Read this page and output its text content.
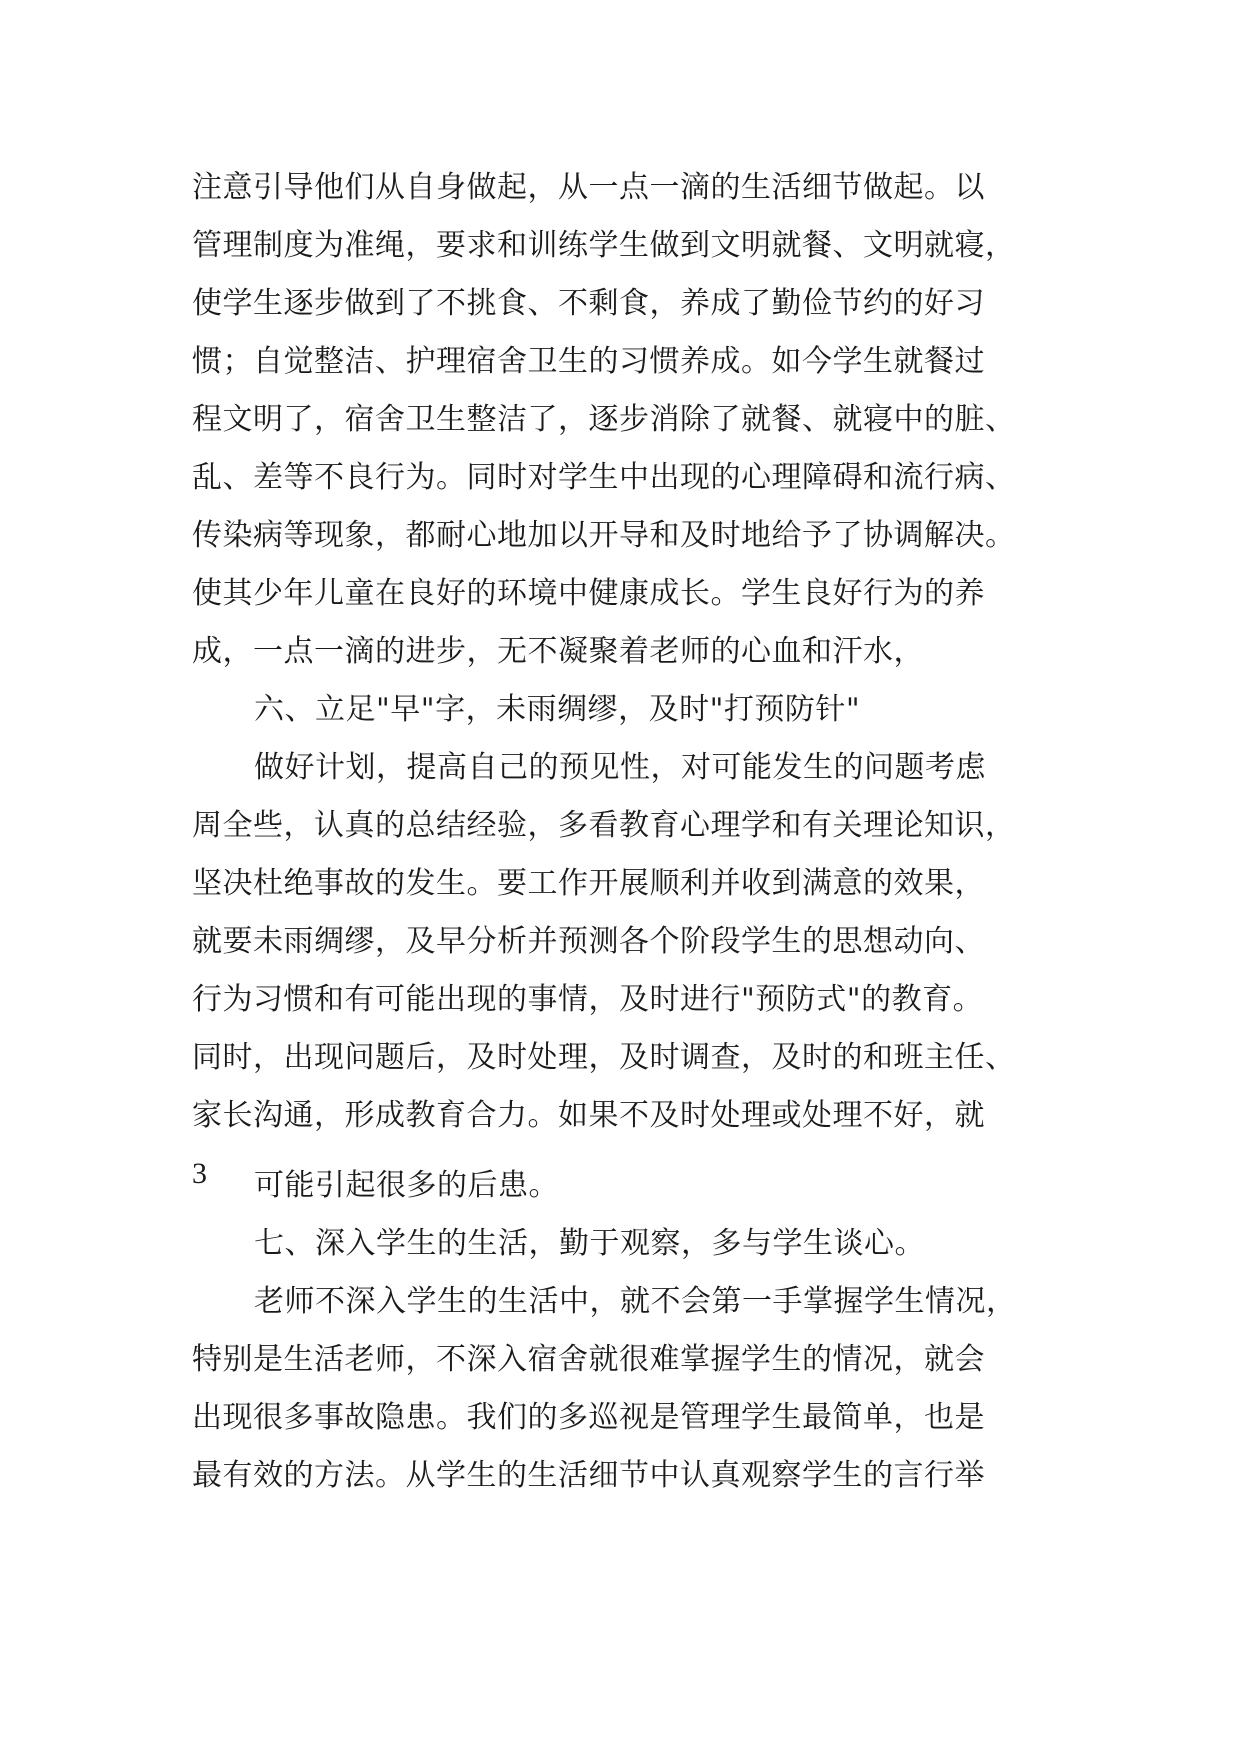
注意引导他们从自身做起，从一点一滴的生活细节做起。以
管理制度为准绳，要求和训练学生做到文明就餐、文明就寝，
使学生逐步做到了不挑食、不剩食，养成了勤俭节约的好习
惯；自觉整洁、护理宿舍卫生的习惯养成。如今学生就餐过
程文明了，宿舍卫生整洁了，逐步消除了就餐、就寝中的脏、
乱、差等不良行为。同时对学生中出现的心理障碍和流行病、
传染病等现象，都耐心地加以开导和及时地给予了协调解决。
使其少年儿童在良好的环境中健康成长。学生良好行为的养
成，一点一滴的进步，无不凝聚着老师的心血和汗水，
六、立足"早"字，未雨绸缪，及时"打预防针"
做好计划，提高自己的预见性，对可能发生的问题考虑
周全些，认真的总结经验，多看教育心理学和有关理论知识，
坚决杜绝事故的发生。要工作开展顺利并收到满意的效果，
就要未雨绸缪，及早分析并预测各个阶段学生的思想动向、
行为习惯和有可能出现的事情，及时进行"预防式"的教育。
同时，出现问题后，及时处理，及时调查，及时的和班主任、
家长沟通，形成教育合力。如果不及时处理或处理不好，就
3	可能引起很多的后患。
七、深入学生的生活，勤于观察，多与学生谈心。
老师不深入学生的生活中，就不会第一手掌握学生情况，
特别是生活老师，不深入宿舍就很难掌握学生的情况，就会
出现很多事故隐患。我们的多巡视是管理学生最简单，也是
最有效的方法。从学生的生活细节中认真观察学生的言行举
